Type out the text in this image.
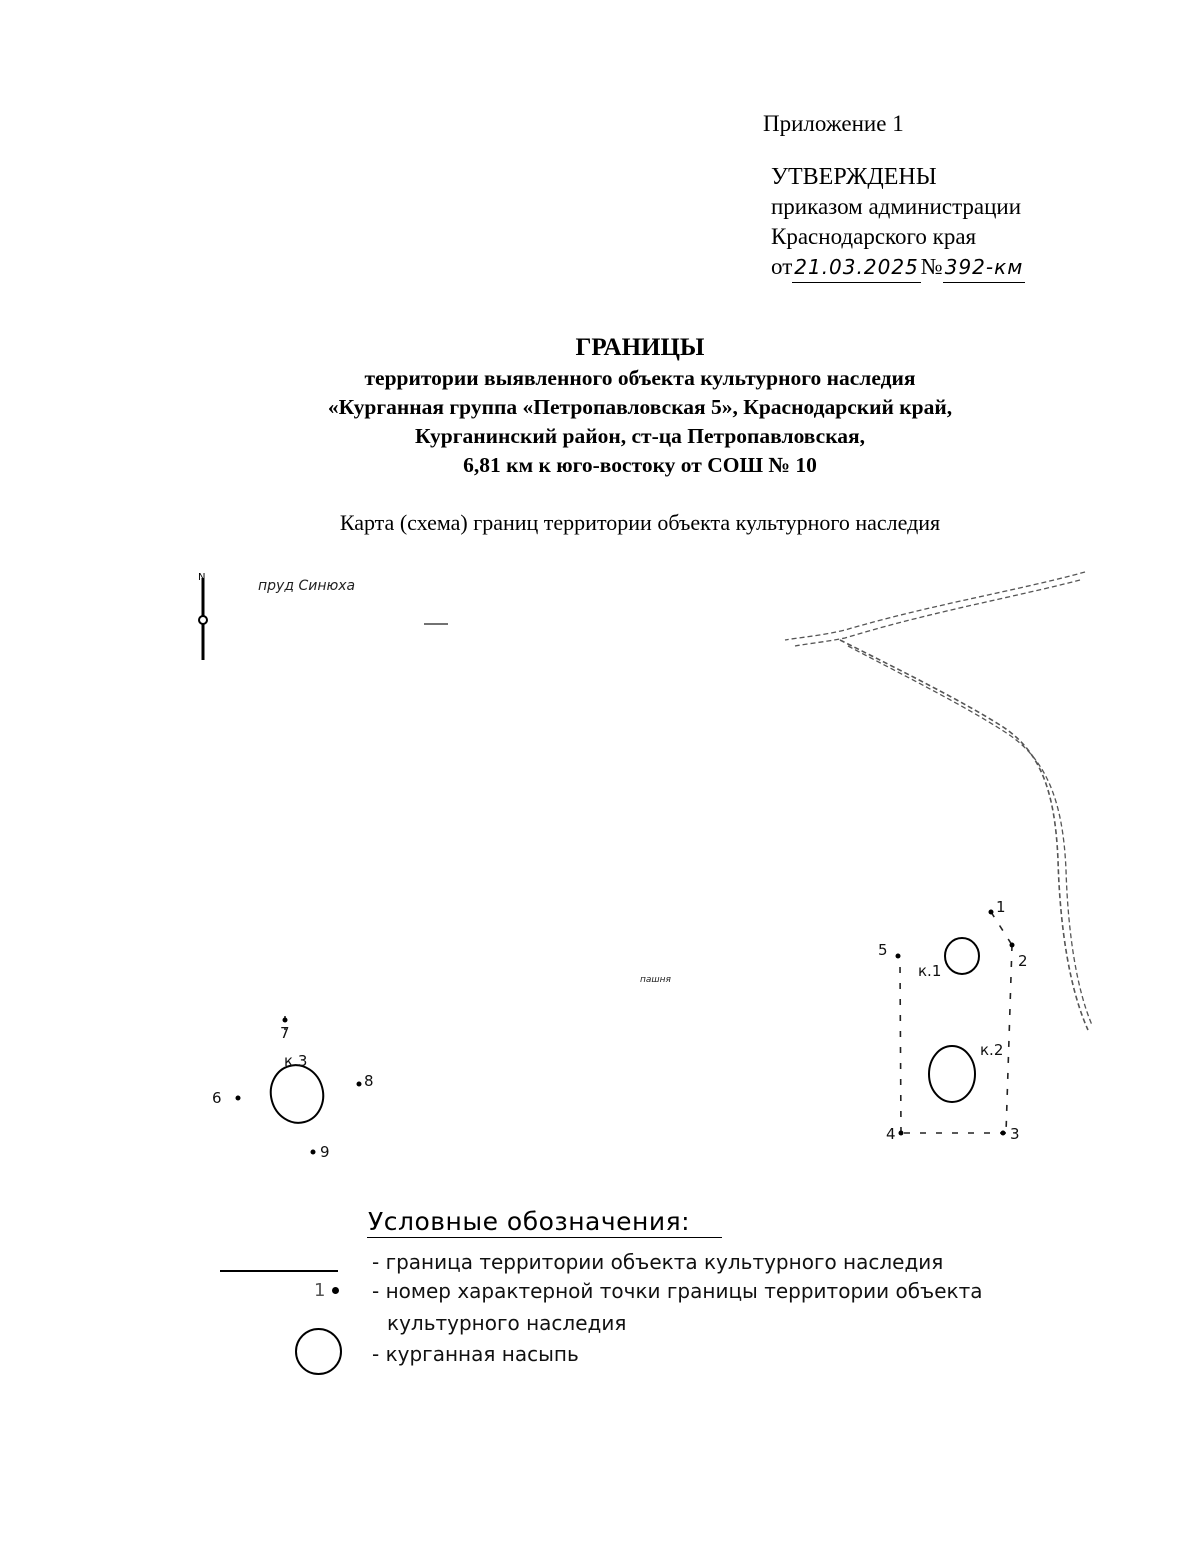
Приложение 1
УТВЕРЖДЕНЫ
приказом администрации
Краснодарского края
от 21.03.2025№ 392-км
ГРАНИЦЫ
территории выявленного объекта культурного наследия
«Курганная группа «Петропавловская 5», Краснодарский край,
Курганинский район, ст-ца Петропавловская,
6,81 км к юго-востоку от СОШ № 10
Карта (схема) границ территории объекта культурного наследия
N
пруд Синюха
пашня	к.1
к.2
к.3
1
2
3
4
5
6
7
8
9
Условные обозначения:
- граница территории объекта культурного наследия
1 - номер характерной точки границы территории объекта
культурного наследия
- курганная насыпь
